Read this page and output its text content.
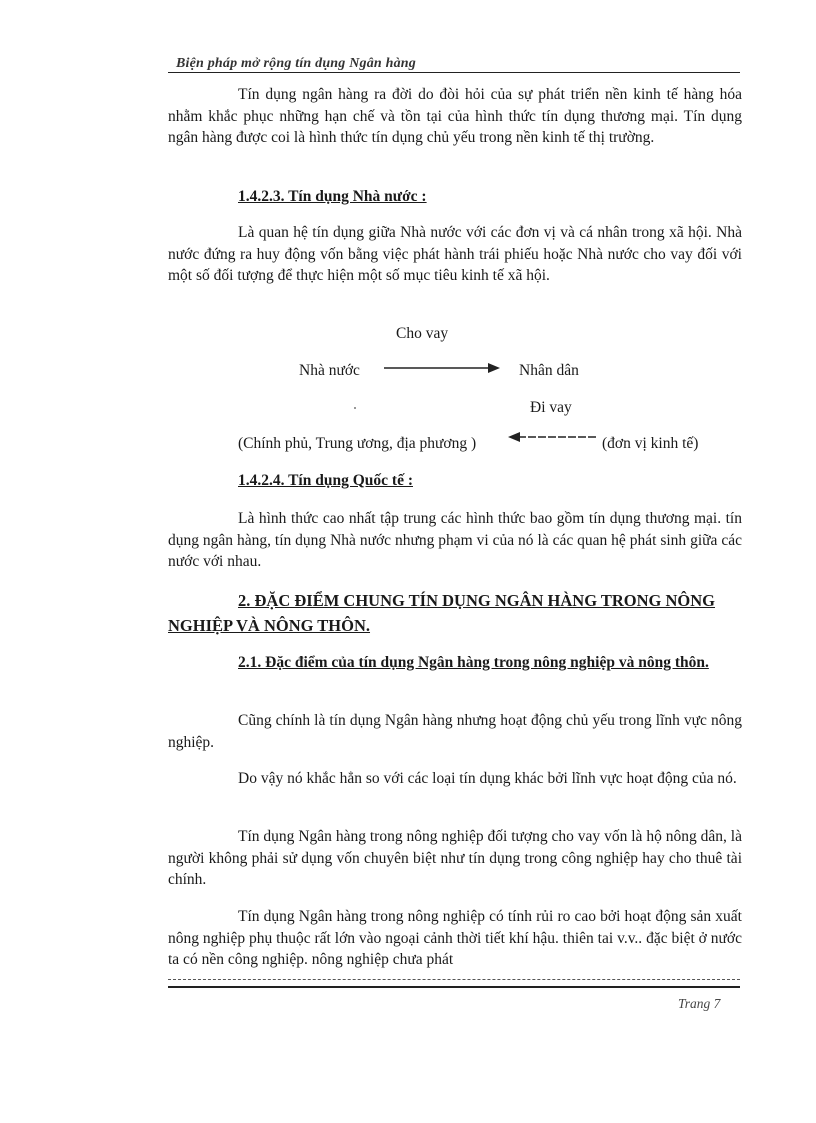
Biện pháp mở rộng tín dụng Ngân hàng

Tín dụng ngân hàng ra đời do đòi hỏi của sự phát triển nền kinh tế hàng hóa nhằm khắc phục những hạn chế và tồn tại của hình thức tín dụng thương mại. Tín dụng ngân hàng được coi là hình thức tín dụng chủ yếu trong nền kinh tế thị trường.

1.4.2.3. Tín dụng Nhà nước :

Là quan hệ tín dụng giữa Nhà nước với các đơn vị và cá nhân trong xã hội. Nhà nước đứng ra huy động vốn bằng việc phát hành trái phiếu hoặc Nhà nước cho vay đối với một số đối tượng để thực hiện một số mục tiêu kinh tế xã hội.

Cho vay

Nhà nước	Nhân dân

Đi vay

(Chính phủ, Trung ương, địa phương )	(đơn vị kinh tế)

1.4.2.4. Tín dụng Quốc tế :

Là hình thức cao nhất tập trung các hình thức bao gồm tín dụng thương mại. tín dụng ngân hàng, tín dụng Nhà nước nhưng phạm vi của nó là các quan hệ phát sinh giữa các nước với nhau.

2. ĐẶC ĐIỂM CHUNG TÍN DỤNG NGÂN HÀNG TRONG NÔNG NGHIỆP VÀ NÔNG THÔN.

2.1. Đặc điểm của tín dụng Ngân hàng trong nông nghiệp và nông thôn.

Cũng chính là tín dụng Ngân hàng nhưng hoạt động chủ yếu trong lĩnh vực nông nghiệp.

Do vậy nó khắc hẳn so với các loại tín dụng khác bởi lĩnh vực hoạt động của nó.

Tín dụng Ngân hàng trong nông nghiệp đối tượng cho vay vốn là hộ nông dân, là người không phải sử dụng vốn chuyên biệt như tín dụng trong công nghiệp hay cho thuê tài chính.

Tín dụng Ngân hàng trong nông nghiệp có tính rủi ro cao bởi hoạt động sản xuất nông nghiệp phụ thuộc rất lớn vào ngoại cảnh thời tiết khí hậu. thiên tai v.v.. đặc biệt ở nước ta có nền công nghiệp. nông nghiệp chưa phát

Trang 7
